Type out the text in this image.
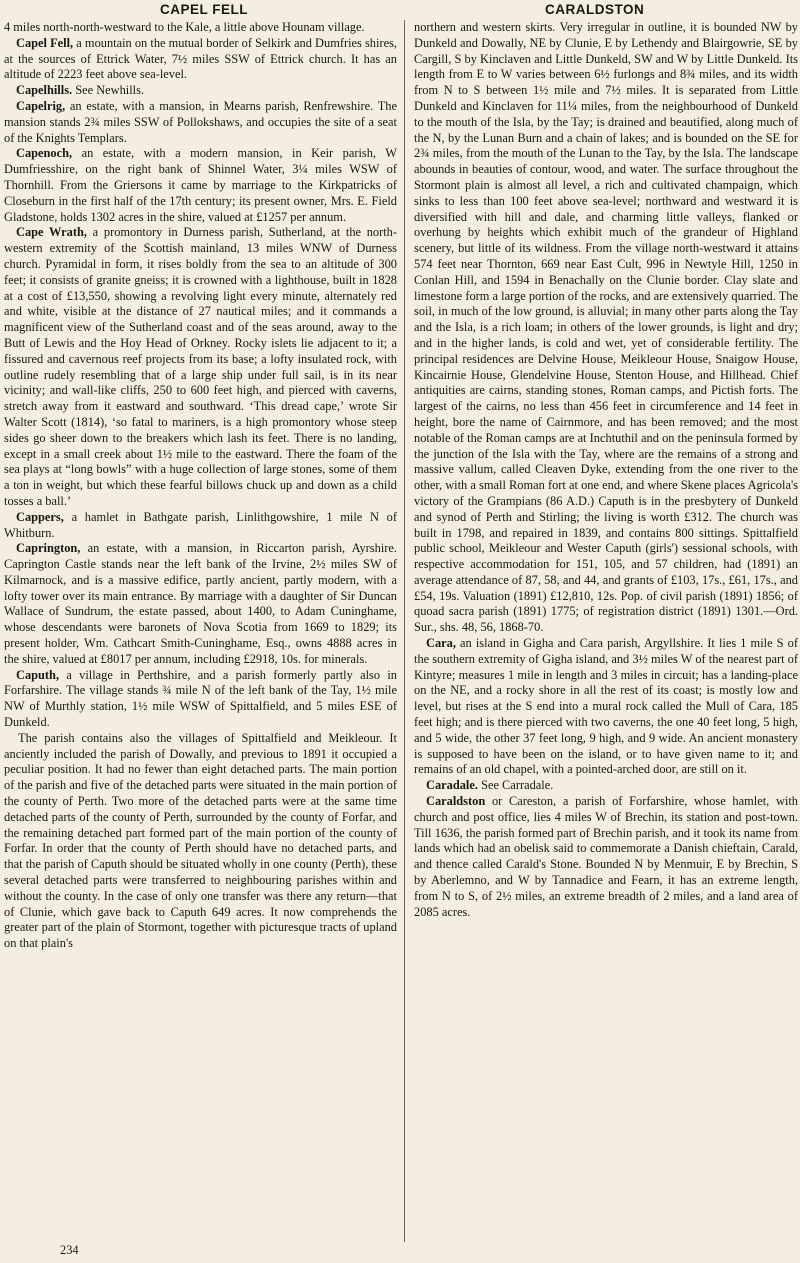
CAPEL FELL	CARALDSTON

4 miles north-north-westward to the Kale, a little above Hounam village.

Capel Fell, a mountain on the mutual border of Selkirk and Dumfries shires, at the sources of Ettrick Water, 7½ miles SSW of Ettrick church. It has an altitude of 2223 feet above sea-level.

Capelhills. See Newhills.

Capelrig, an estate, with a mansion, in Mearns parish, Renfrewshire. The mansion stands 2¾ miles SSW of Pollokshaws, and occupies the site of a seat of the Knights Templars.

Capenoch, an estate, with a modern mansion, in Keir parish, W Dumfriesshire, on the right bank of Shinnel Water, 3¼ miles WSW of Thornhill. From the Griersons it came by marriage to the Kirkpatricks of Closeburn in the first half of the 17th century; its present owner, Mrs. E. Field Gladstone, holds 1302 acres in the shire, valued at £1257 per annum.

Cape Wrath, a promontory in Durness parish, Sutherland, at the north-western extremity of the Scottish mainland, 13 miles WNW of Durness church. Pyramidal in form, it rises boldly from the sea to an altitude of 300 feet; it consists of granite gneiss; it is crowned with a lighthouse, built in 1828 at a cost of £13,550, showing a revolving light every minute, alternately red and white, visible at the distance of 27 nautical miles; and it commands a magnificent view of the Sutherland coast and of the seas around, away to the Butt of Lewis and the Hoy Head of Orkney. Rocky islets lie adjacent to it; a fissured and cavernous reef projects from its base; a lofty insulated rock, with outline rudely resembling that of a large ship under full sail, is in its near vicinity; and wall-like cliffs, 250 to 600 feet high, and pierced with caverns, stretch away from it eastward and southward. ‘This dread cape,’ wrote Sir Walter Scott (1814), ‘so fatal to mariners, is a high promontory whose steep sides go sheer down to the breakers which lash its feet. There is no landing, except in a small creek about 1½ mile to the eastward. There the foam of the sea plays at “long bowls” with a huge collection of large stones, some of them a ton in weight, but which these fearful billows chuck up and down as a child tosses a ball.’

Cappers, a hamlet in Bathgate parish, Linlithgowshire, 1 mile N of Whitburn.

Caprington, an estate, with a mansion, in Riccarton parish, Ayrshire. Caprington Castle stands near the left bank of the Irvine, 2½ miles SW of Kilmarnock, and is a massive edifice, partly ancient, partly modern, with a lofty tower over its main entrance. By marriage with a daughter of Sir Duncan Wallace of Sundrum, the estate passed, about 1400, to Adam Cuninghame, whose descendants were baronets of Nova Scotia from 1669 to 1829; its present holder, Wm. Cathcart Smith-Cuninghame, Esq., owns 4888 acres in the shire, valued at £8017 per annum, including £2918, 10s. for minerals.

Caputh, a village in Perthshire, and a parish formerly partly also in Forfarshire. The village stands ¾ mile N of the left bank of the Tay, 1½ mile NW of Murthly station, 1½ mile WSW of Spittalfield, and 5 miles ESE of Dunkeld.

The parish contains also the villages of Spittalfield and Meikleour. It anciently included the parish of Dowally, and previous to 1891 it occupied a peculiar position. It had no fewer than eight detached parts. The main portion of the parish and five of the detached parts were situated in the main portion of the county of Perth. Two more of the detached parts were at the same time detached parts of the county of Perth, surrounded by the county of Forfar, and the remaining detached part formed part of the main portion of the county of Forfar. In order that the county of Perth should have no detached parts, and that the parish of Caputh should be situated wholly in one county (Perth), these several detached parts were transferred to neighbouring parishes within and without the county. In the case of only one transfer was there any return—that of Clunie, which gave back to Caputh 649 acres. It now comprehends the greater part of the plain of Stormont, together with picturesque tracts of upland on that plain's

northern and western skirts. Very irregular in outline, it is bounded NW by Dunkeld and Dowally, NE by Clunie, E by Lethendy and Blairgowrie, SE by Cargill, S by Kinclaven and Little Dunkeld, SW and W by Little Dunkeld. Its length from E to W varies between 6½ furlongs and 8¾ miles, and its width from N to S between 1½ mile and 7½ miles. It is separated from Little Dunkeld and Kinclaven for 11¼ miles, from the neighbourhood of Dunkeld to the mouth of the Isla, by the Tay; is drained and beautified, along much of the N, by the Lunan Burn and a chain of lakes; and is bounded on the SE for 2¾ miles, from the mouth of the Lunan to the Tay, by the Isla. The landscape abounds in beauties of contour, wood, and water. The surface throughout the Stormont plain is almost all level, a rich and cultivated champaign, which sinks to less than 100 feet above sea-level; northward and westward it is diversified with hill and dale, and charming little valleys, flanked or overhung by heights which exhibit much of the grandeur of Highland scenery, but little of its wildness. From the village north-westward it attains 574 feet near Thornton, 669 near East Cult, 996 in Newtyle Hill, 1250 in Conlan Hill, and 1594 in Benachally on the Clunie border. Clay slate and limestone form a large portion of the rocks, and are extensively quarried. The soil, in much of the low ground, is alluvial; in many other parts along the Tay and the Isla, is a rich loam; in others of the lower grounds, is light and dry; and in the higher lands, is cold and wet, yet of considerable fertility. The principal residences are Delvine House, Meikleour House, Snaigow House, Kincairnie House, Glendelvine House, Stenton House, and Hillhead. Chief antiquities are cairns, standing stones, Roman camps, and Pictish forts. The largest of the cairns, no less than 456 feet in circumference and 14 feet in height, bore the name of Cairnmore, and has been removed; and the most notable of the Roman camps are at Inchtuthil and on the peninsula formed by the junction of the Isla with the Tay, where are the remains of a strong and massive vallum, called Cleaven Dyke, extending from the one river to the other, with a small Roman fort at one end, and where Skene places Agricola's victory of the Grampians (86 A.D.) Caputh is in the presbytery of Dunkeld and synod of Perth and Stirling; the living is worth £312. The church was built in 1798, and repaired in 1839, and contains 800 sittings. Spittalfield public school, Meikleour and Wester Caputh (girls') sessional schools, with respective accommodation for 151, 105, and 57 children, had (1891) an average attendance of 87, 58, and 44, and grants of £103, 17s., £61, 17s., and £54, 19s. Valuation (1891) £12,810, 12s. Pop. of civil parish (1891) 1856; of quoad sacra parish (1891) 1775; of registration district (1891) 1301.—Ord. Sur., shs. 48, 56, 1868-70.

Cara, an island in Gigha and Cara parish, Argyllshire. It lies 1 mile S of the southern extremity of Gigha island, and 3½ miles W of the nearest part of Kintyre; measures 1 mile in length and 3 miles in circuit; has a landing-place on the NE, and a rocky shore in all the rest of its coast; is mostly low and level, but rises at the S end into a mural rock called the Mull of Cara, 185 feet high; and is there pierced with two caverns, the one 40 feet long, 5 high, and 5 wide, the other 37 feet long, 9 high, and 9 wide. An ancient monastery is supposed to have been on the island, or to have given name to it; and remains of an old chapel, with a pointed-arched door, are still on it.

Caradale. See Carradale.

Caraldston or Careston, a parish of Forfarshire, whose hamlet, with church and post office, lies 4 miles W of Brechin, its station and post-town. Till 1636, the parish formed part of Brechin parish, and it took its name from lands which had an obelisk said to commemorate a Danish chieftain, Carald, and thence called Carald's Stone. Bounded N by Menmuir, E by Brechin, S by Aberlemno, and W by Tannadice and Fearn, it has an extreme length, from N to S, of 2½ miles, an extreme breadth of 2 miles, and a land area of 2085 acres.

234
